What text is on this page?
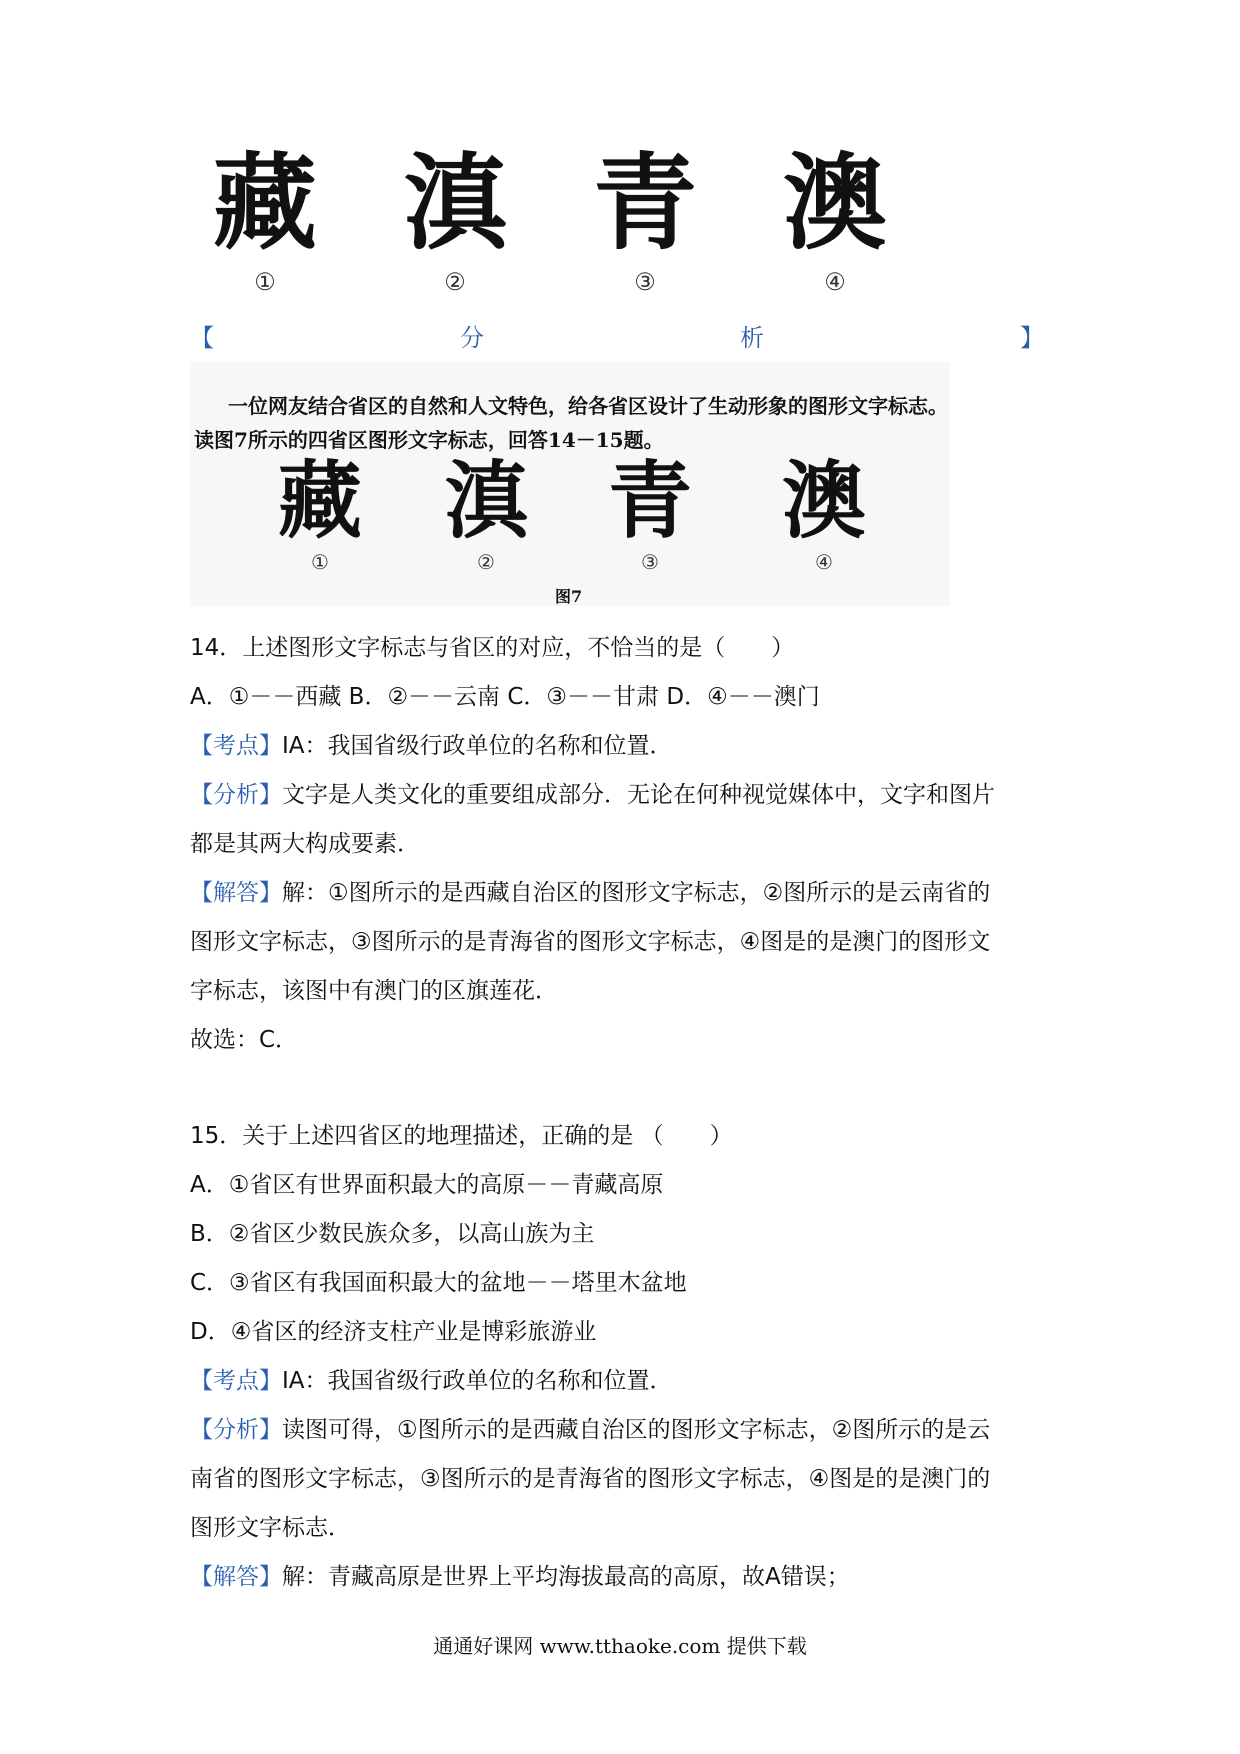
藏
①
滇
②
青
③
澳
④
【	分	析	】
一位网友结合省区的自然和人文特色，给各省区设计了生动形象的图形文字标志。
读图7所示的四省区图形文字标志，回答14－15题。
藏
①
滇
②
青
③
澳
④
图7
14．上述图形文字标志与省区的对应，不恰当的是（　　）
A．①－－西藏 B．②－－云南 C．③－－甘肃 D．④－－澳门
【考点】IA：我国省级行政单位的名称和位置．
【分析】文字是人类文化的重要组成部分．无论在何种视觉媒体中，文字和图片
都是其两大构成要素．
【解答】解：①图所示的是西藏自治区的图形文字标志，②图所示的是云南省的
图形文字标志，③图所示的是青海省的图形文字标志，④图是的是澳门的图形文
字标志，该图中有澳门的区旗莲花．
故选：C．
15．关于上述四省区的地理描述，正确的是 （　　）
A．①省区有世界面积最大的高原－－青藏高原
B．②省区少数民族众多，以高山族为主
C．③省区有我国面积最大的盆地－－塔里木盆地
D．④省区的经济支柱产业是博彩旅游业
【考点】IA：我国省级行政单位的名称和位置．
【分析】读图可得，①图所示的是西藏自治区的图形文字标志，②图所示的是云
南省的图形文字标志，③图所示的是青海省的图形文字标志，④图是的是澳门的
图形文字标志．
【解答】解：青藏高原是世界上平均海拔最高的高原，故A错误；
通通好课网 www.tthaoke.com 提供下载
